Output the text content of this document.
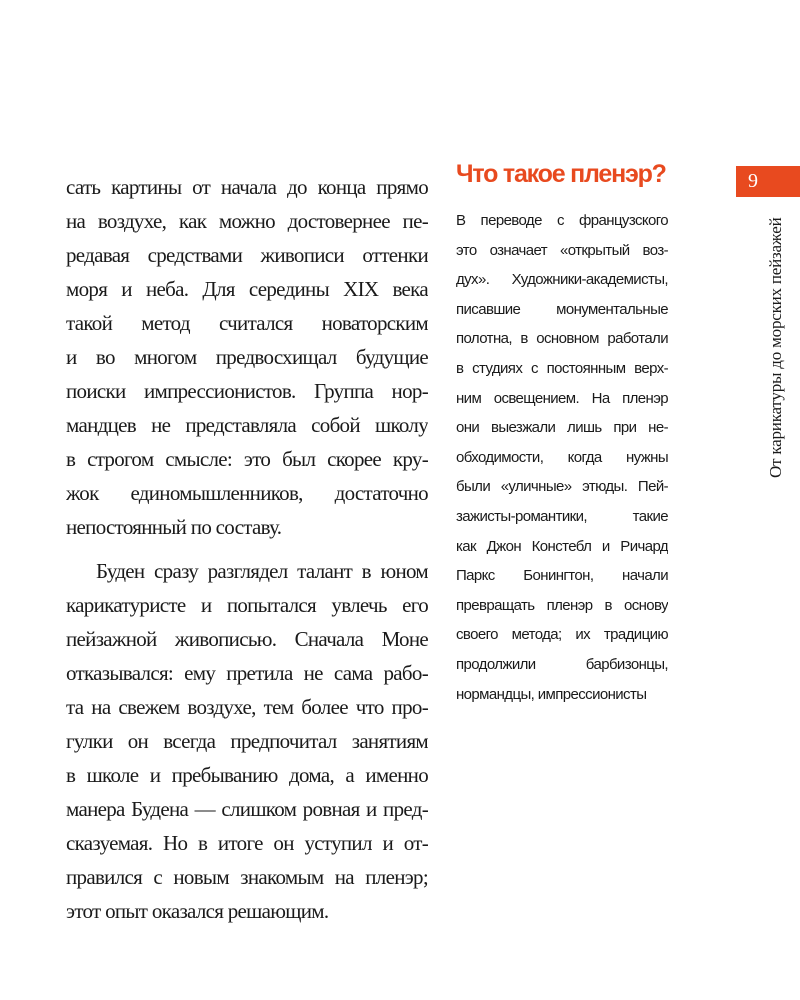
сать картины от начала до конца прямо
на воздухе, как можно достовернее пе-
редавая средствами живописи оттенки
моря и неба. Для середины XIX века
такой метод считался новаторским
и во многом предвосхищал будущие
поиски импрессионистов. Группа нор-
мандцев не представляла собой школу
в строгом смысле: это был скорее кру-
жок единомышленников, достаточно
непостоянный по составу.
Буден сразу разглядел талант в юном
карикатуристе и попытался увлечь его
пейзажной живописью. Сначала Моне
отказывался: ему претила не сама рабо-
та на свежем воздухе, тем более что про-
гулки он всегда предпочитал занятиям
в школе и пребыванию дома, а именно
манера Будена — слишком ровная и пред-
сказуемая. Но в итоге он уступил и от-
правился с новым знакомым на пленэр;
этот опыт оказался решающим.
Что такое пленэр?
В переводе с французского
это означает «открытый воз-
дух». Художники-академисты,
писавшие монументальные
полотна, в основном работали
в студиях с постоянным верх-
ним освещением. На пленэр
они выезжали лишь при не-
обходимости, когда нужны
были «уличные» этюды. Пей-
зажисты-романтики, такие
как Джон Констебл и Ричард
Паркс Бонингтон, начали
превращать пленэр в основу
своего метода; их традицию
продолжили барбизонцы,
нормандцы, импрессионисты
9
От карикатуры до морских пейзажей
